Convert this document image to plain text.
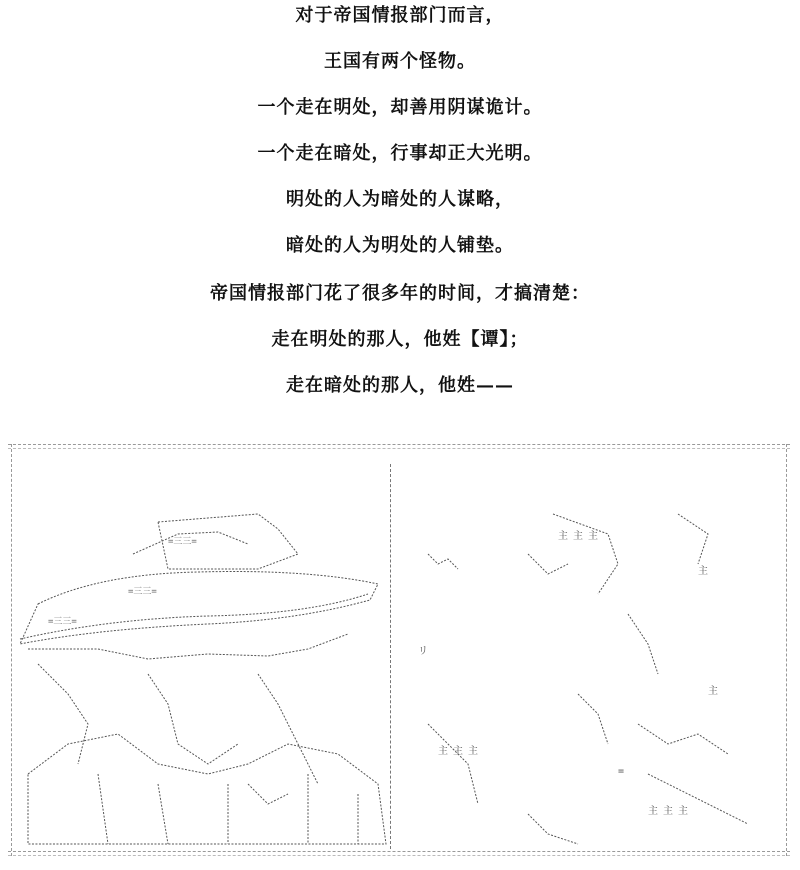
对于帝国情报部门而言，
王国有两个怪物。
一个走在明处，却善用阴谋诡计。
一个走在暗处，行事却正大光明。
明处的人为暗处的人谋略，
暗处的人为明处的人铺垫。
帝国情报部门花了很多年的时间，才搞清楚：
走在明处的那人，他姓【谭】；
走在暗处的那人，他姓——
=三三=
=三三=
=三三=
主 主 主
主
主 主 主
主 主 主
主
リ
=
